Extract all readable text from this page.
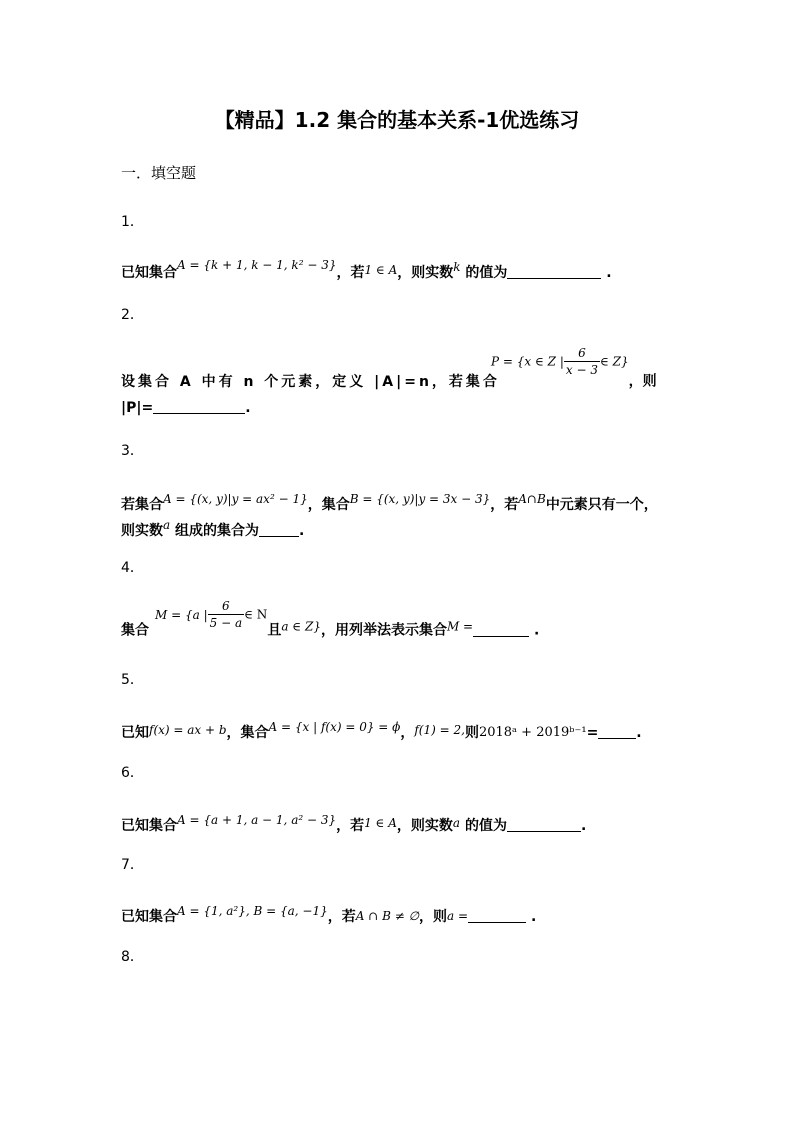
【精品】1.2 集合的基本关系-1优选练习
一．填空题
1．
已知集合A = {k + 1, k − 1, k² − 3}，若1 ∈ A，则实数k 的值为	.
2．
设集合 A 中有 n 个元素，定义 |A|=n，若集合P = {x ∈ Z | $\frac{6}{x - 3}$ ∈ Z}，则
|P|=	.
3．
若集合A = {(x, y)|y = ax² − 1}，集合B = {(x, y)|y = 3x − 3}，若A∩B中元素只有一个，
则实数a 组成的集合为	.
4．
集合M = {a | $\frac{6}{5 - a}$ ∈ N且a ∈ Z}，用列举法表示集合M =	.
5．
已知f(x) = ax + b，集合A = {x | f(x) = 0} = ϕ，f(1) = 2,则2018ᵃ + 2019ᵇ⁻¹=	.
6．
已知集合A = {a + 1, a − 1, a² − 3}，若1 ∈ A，则实数a 的值为	.
7．
已知集合A = {1, a²}, B = {a, −1}，若A ∩ B ≠ ∅，则a =	.
8．
